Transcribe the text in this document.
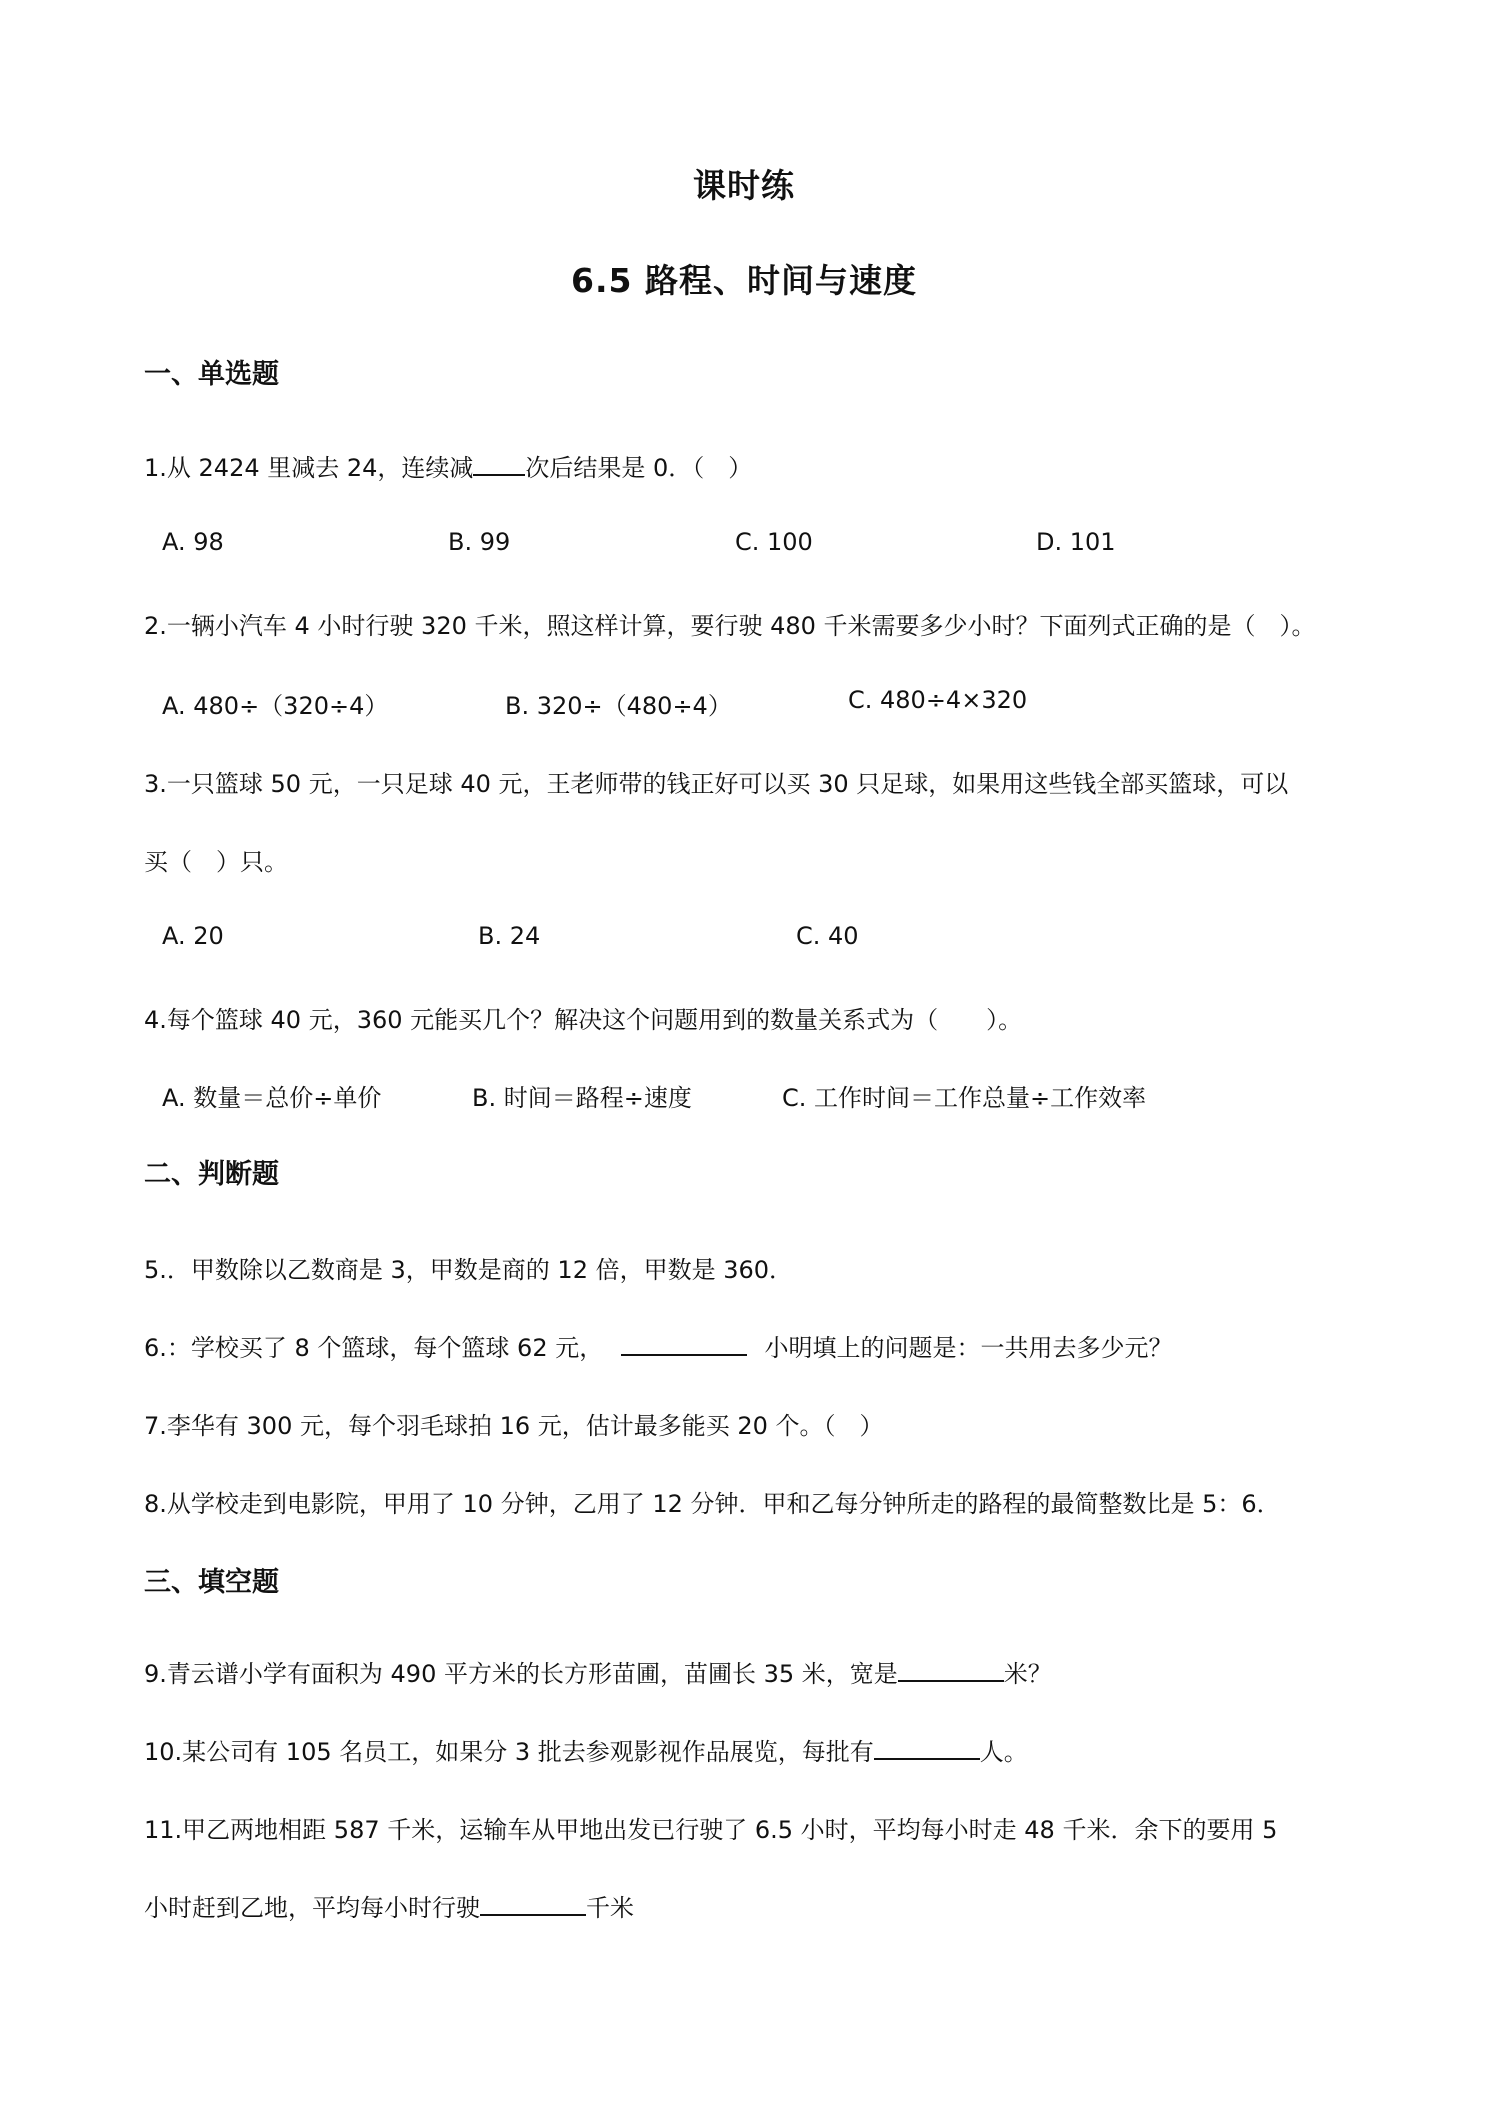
课时练
6.5 路程、时间与速度
一、单选题
1.从 2424 里减去 24，连续减 次后结果是 0．（　）
A. 98	B. 99	C. 100	D. 101
2.一辆小汽车 4 小时行驶 320 千米，照这样计算，要行驶 480 千米需要多少小时？下面列式正确的是（　）。
A. 480÷（320÷4）	B. 320÷（480÷4）	C. 480÷4×320
3.一只篮球 50 元，一只足球 40 元，王老师带的钱正好可以买 30 只足球，如果用这些钱全部买篮球，可以
买（　）只。
A. 20	B. 24	C. 40
4.每个篮球 40 元，360 元能买几个？解决这个问题用到的数量关系式为（　　）。
A. 数量＝总价÷单价	B. 时间＝路程÷速度	C. 工作时间＝工作总量÷工作效率
二、判断题
5.．甲数除以乙数商是 3，甲数是商的 12 倍，甲数是 360．
6.：学校买了 8 个篮球，每个篮球 62 元，	小明填上的问题是：一共用去多少元？
7.李华有 300 元，每个羽毛球拍 16 元，估计最多能买 20 个。（　）
8.从学校走到电影院，甲用了 10 分钟，乙用了 12 分钟．甲和乙每分钟所走的路程的最简整数比是 5：6．
三、填空题
9.青云谱小学有面积为 490 平方米的长方形苗圃，苗圃长 35 米，宽是	米？
10.某公司有 105 名员工，如果分 3 批去参观影视作品展览，每批有	人。
11.甲乙两地相距 587 千米，运输车从甲地出发已行驶了 6.5 小时，平均每小时走 48 千米．余下的要用 5
小时赶到乙地，平均每小时行驶	千米
